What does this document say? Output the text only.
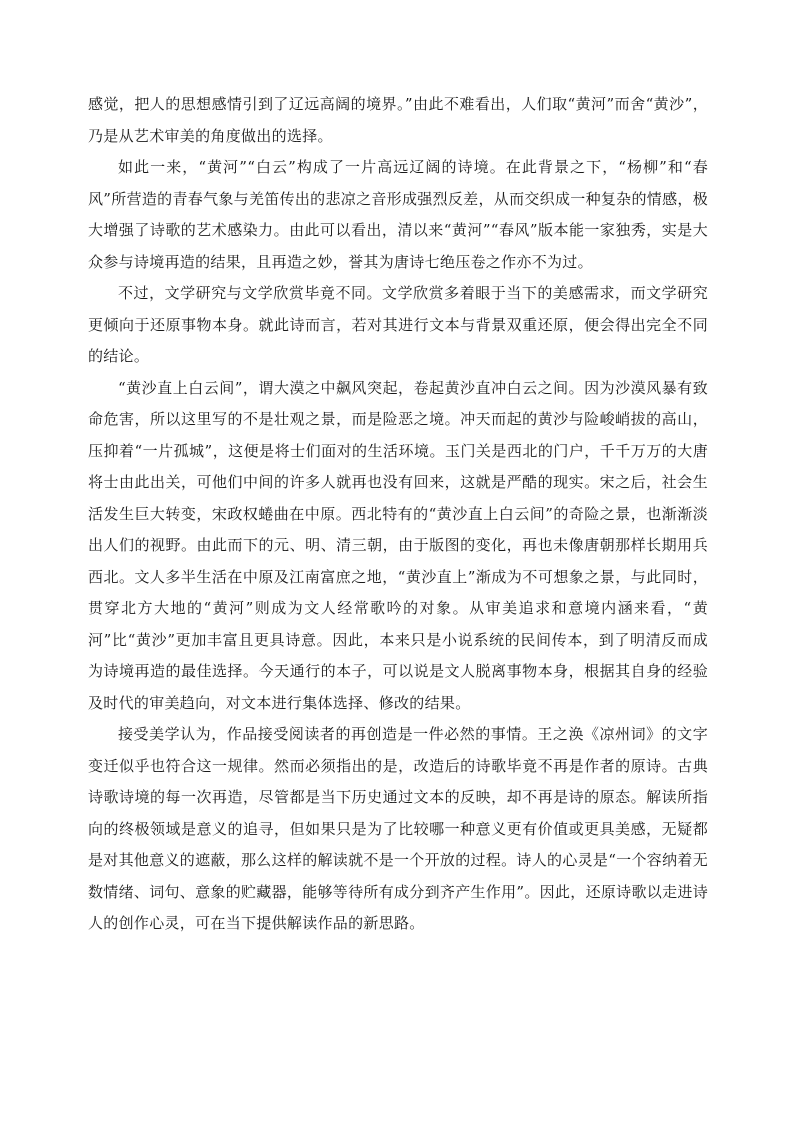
感觉，把人的思想感情引到了辽远高阔的境界。”由此不难看出，人们取“黄河”而舍“黄沙”，乃是从艺术审美的角度做出的选择。

如此一来，“黄河”“白云”构成了一片高远辽阔的诗境。在此背景之下，“杨柳”和“春风”所营造的青春气象与羌笛传出的悲凉之音形成强烈反差，从而交织成一种复杂的情感，极大增强了诗歌的艺术感染力。由此可以看出，清以来“黄河”“春风”版本能一家独秀，实是大众参与诗境再造的结果，且再造之妙，誉其为唐诗七绝压卷之作亦不为过。

不过，文学研究与文学欣赏毕竟不同。文学欣赏多着眼于当下的美感需求，而文学研究更倾向于还原事物本身。就此诗而言，若对其进行文本与背景双重还原，便会得出完全不同的结论。

“黄沙直上白云间”，谓大漠之中飙风突起，卷起黄沙直冲白云之间。因为沙漠风暴有致命危害，所以这里写的不是壮观之景，而是险恶之境。冲天而起的黄沙与险峻峭拔的高山，压抑着“一片孤城”，这便是将士们面对的生活环境。玉门关是西北的门户，千千万万的大唐将士由此出关，可他们中间的许多人就再也没有回来，这就是严酷的现实。宋之后，社会生活发生巨大转变，宋政权蜷曲在中原。西北特有的“黄沙直上白云间”的奇险之景，也渐渐淡出人们的视野。由此而下的元、明、清三朝，由于版图的变化，再也未像唐朝那样长期用兵西北。文人多半生活在中原及江南富庶之地，“黄沙直上”渐成为不可想象之景，与此同时，贯穿北方大地的“黄河”则成为文人经常歌吟的对象。从审美追求和意境内涵来看，“黄河”比“黄沙”更加丰富且更具诗意。因此，本来只是小说系统的民间传本，到了明清反而成为诗境再造的最佳选择。今天通行的本子，可以说是文人脱离事物本身，根据其自身的经验及时代的审美趋向，对文本进行集体选择、修改的结果。

接受美学认为，作品接受阅读者的再创造是一件必然的事情。王之涣《凉州词》的文字变迁似乎也符合这一规律。然而必须指出的是，改造后的诗歌毕竟不再是作者的原诗。古典诗歌诗境的每一次再造，尽管都是当下历史通过文本的反映，却不再是诗的原态。解读所指向的终极领域是意义的追寻，但如果只是为了比较哪一种意义更有价值或更具美感，无疑都是对其他意义的遮蔽，那么这样的解读就不是一个开放的过程。诗人的心灵是“一个容纳着无数情绪、词句、意象的贮藏器，能够等待所有成分到齐产生作用”。因此，还原诗歌以走进诗人的创作心灵，可在当下提供解读作品的新思路。
